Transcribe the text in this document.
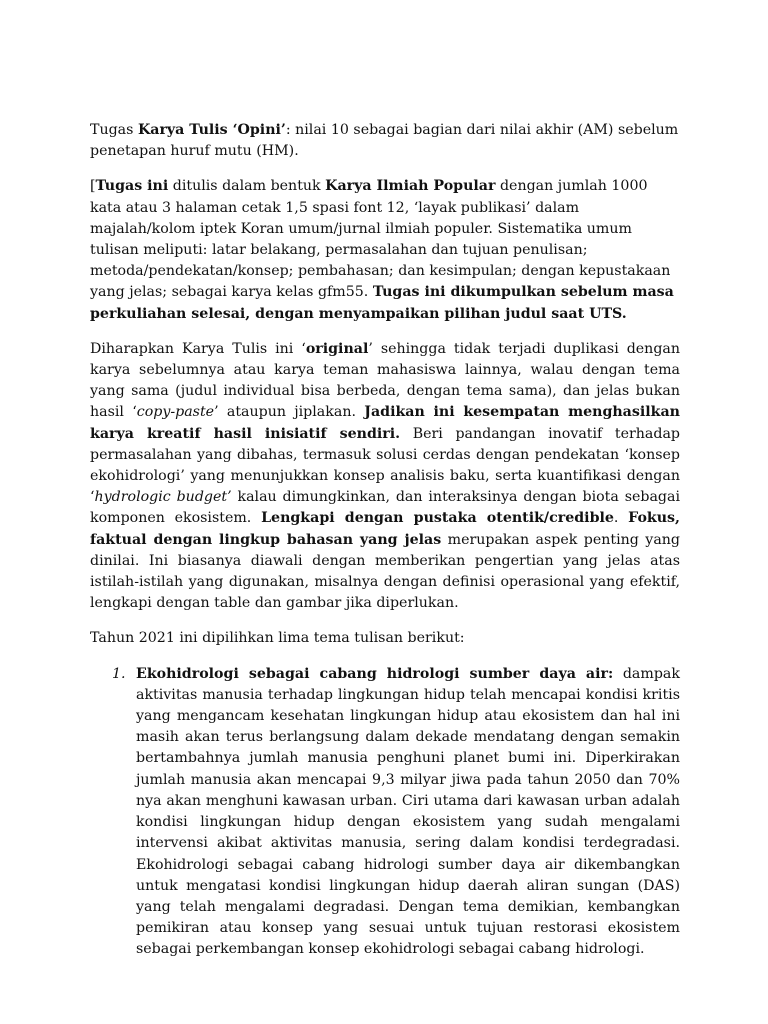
Tugas Karya Tulis ‘Opini’: nilai 10 sebagai bagian dari nilai akhir (AM) sebelum penetapan huruf mutu (HM).

[Tugas ini ditulis dalam bentuk Karya Ilmiah Popular dengan jumlah 1000 kata atau 3 halaman cetak 1,5 spasi font 12, ‘layak publikasi’ dalam majalah/kolom iptek Koran umum/jurnal ilmiah populer. Sistematika umum tulisan meliputi: latar belakang, permasalahan dan tujuan penulisan; metoda/pendekatan/konsep; pembahasan; dan kesimpulan; dengan kepustakaan yang jelas; sebagai karya kelas gfm55. Tugas ini dikumpulkan sebelum masa perkuliahan selesai, dengan menyampaikan pilihan judul saat UTS.

Diharapkan Karya Tulis ini ‘original’ sehingga tidak terjadi duplikasi dengan karya sebelumnya atau karya teman mahasiswa lainnya, walau dengan tema yang sama (judul individual bisa berbeda, dengan tema sama), dan jelas bukan hasil ‘copy-paste’ ataupun jiplakan. Jadikan ini kesempatan menghasilkan karya kreatif hasil inisiatif sendiri. Beri pandangan inovatif terhadap permasalahan yang dibahas, termasuk solusi cerdas dengan pendekatan ‘konsep ekohidrologi’ yang menunjukkan konsep analisis baku, serta kuantifikasi dengan ‘hydrologic budget’ kalau dimungkinkan, dan interaksinya dengan biota sebagai komponen ekosistem. Lengkapi dengan pustaka otentik/credible. Fokus, faktual dengan lingkup bahasan yang jelas merupakan aspek penting yang dinilai. Ini biasanya diawali dengan memberikan pengertian yang jelas atas istilah-istilah yang digunakan, misalnya dengan definisi operasional yang efektif, lengkapi dengan table dan gambar jika diperlukan.

Tahun 2021 ini dipilihkan lima tema tulisan berikut:

1. Ekohidrologi sebagai cabang hidrologi sumber daya air: dampak aktivitas manusia terhadap lingkungan hidup telah mencapai kondisi kritis yang mengancam kesehatan lingkungan hidup atau ekosistem dan hal ini masih akan terus berlangsung dalam dekade mendatang dengan semakin bertambahnya jumlah manusia penghuni planet bumi ini. Diperkirakan jumlah manusia akan mencapai 9,3 milyar jiwa pada tahun 2050 dan 70% nya akan menghuni kawasan urban. Ciri utama dari kawasan urban adalah kondisi lingkungan hidup dengan ekosistem yang sudah mengalami intervensi akibat aktivitas manusia, sering dalam kondisi terdegradasi. Ekohidrologi sebagai cabang hidrologi sumber daya air dikembangkan untuk mengatasi kondisi lingkungan hidup daerah aliran sungan (DAS) yang telah mengalami degradasi. Dengan tema demikian, kembangkan pemikiran atau konsep yang sesuai untuk tujuan restorasi ekosistem sebagai perkembangan konsep ekohidrologi sebagai cabang hidrologi.
